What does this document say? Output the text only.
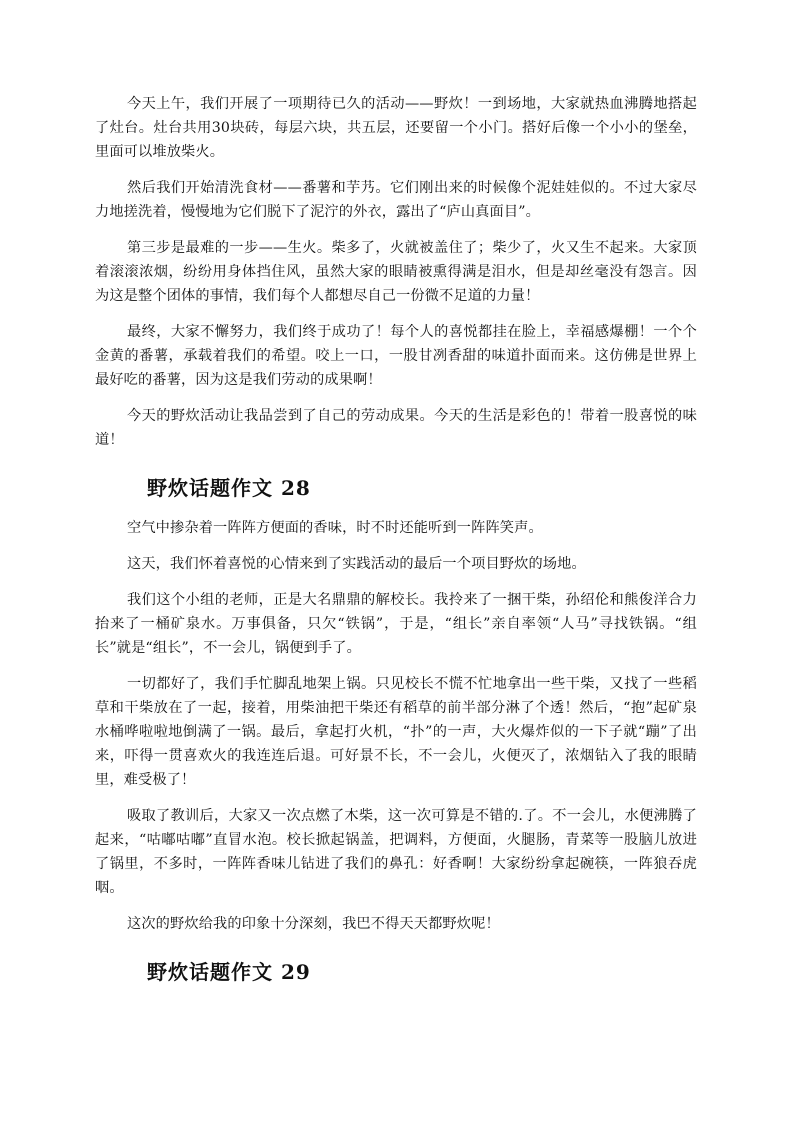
今天上午，我们开展了一项期待已久的活动——野炊！一到场地，大家就热血沸腾地搭起了灶台。灶台共用30块砖，每层六块，共五层，还要留一个小门。搭好后像一个小小的堡垒，里面可以堆放柴火。

然后我们开始清洗食材——番薯和芋艿。它们刚出来的时候像个泥娃娃似的。不过大家尽力地搓洗着，慢慢地为它们脱下了泥泞的外衣，露出了“庐山真面目”。

第三步是最难的一步——生火。柴多了，火就被盖住了；柴少了，火又生不起来。大家顶着滚滚浓烟，纷纷用身体挡住风，虽然大家的眼睛被熏得满是泪水，但是却丝毫没有怨言。因为这是整个团体的事情，我们每个人都想尽自己一份微不足道的力量！

最终，大家不懈努力，我们终于成功了！每个人的喜悦都挂在脸上，幸福感爆棚！一个个金黄的番薯，承载着我们的希望。咬上一口，一股甘冽香甜的味道扑面而来。这仿佛是世界上最好吃的番薯，因为这是我们劳动的成果啊！

今天的野炊活动让我品尝到了自己的劳动成果。今天的生活是彩色的！带着一股喜悦的味道！

野炊话题作文 28

空气中掺杂着一阵阵方便面的香味，时不时还能听到一阵阵笑声。

这天，我们怀着喜悦的心情来到了实践活动的最后一个项目野炊的场地。

我们这个小组的老师，正是大名鼎鼎的解校长。我拎来了一捆干柴，孙绍伦和熊俊洋合力抬来了一桶矿泉水。万事俱备，只欠“铁锅”，于是，“组长”亲自率领“人马”寻找铁锅。“组长”就是“组长”，不一会儿，锅便到手了。

一切都好了，我们手忙脚乱地架上锅。只见校长不慌不忙地拿出一些干柴，又找了一些稻草和干柴放在了一起，接着，用柴油把干柴还有稻草的前半部分淋了个透！然后，“抱”起矿泉水桶哗啦啦地倒满了一锅。最后，拿起打火机，“扑”的一声，大火爆炸似的一下子就“蹦”了出来，吓得一贯喜欢火的我连连后退。可好景不长，不一会儿，火便灭了，浓烟钻入了我的眼睛里，难受极了！

吸取了教训后，大家又一次点燃了木柴，这一次可算是不错的.了。不一会儿，水便沸腾了起来，“咕嘟咕嘟”直冒水泡。校长掀起锅盖，把调料，方便面，火腿肠，青菜等一股脑儿放进了锅里，不多时，一阵阵香味儿钻进了我们的鼻孔：好香啊！大家纷纷拿起碗筷，一阵狼吞虎咽。

这次的野炊给我的印象十分深刻，我巴不得天天都野炊呢！

野炊话题作文 29
